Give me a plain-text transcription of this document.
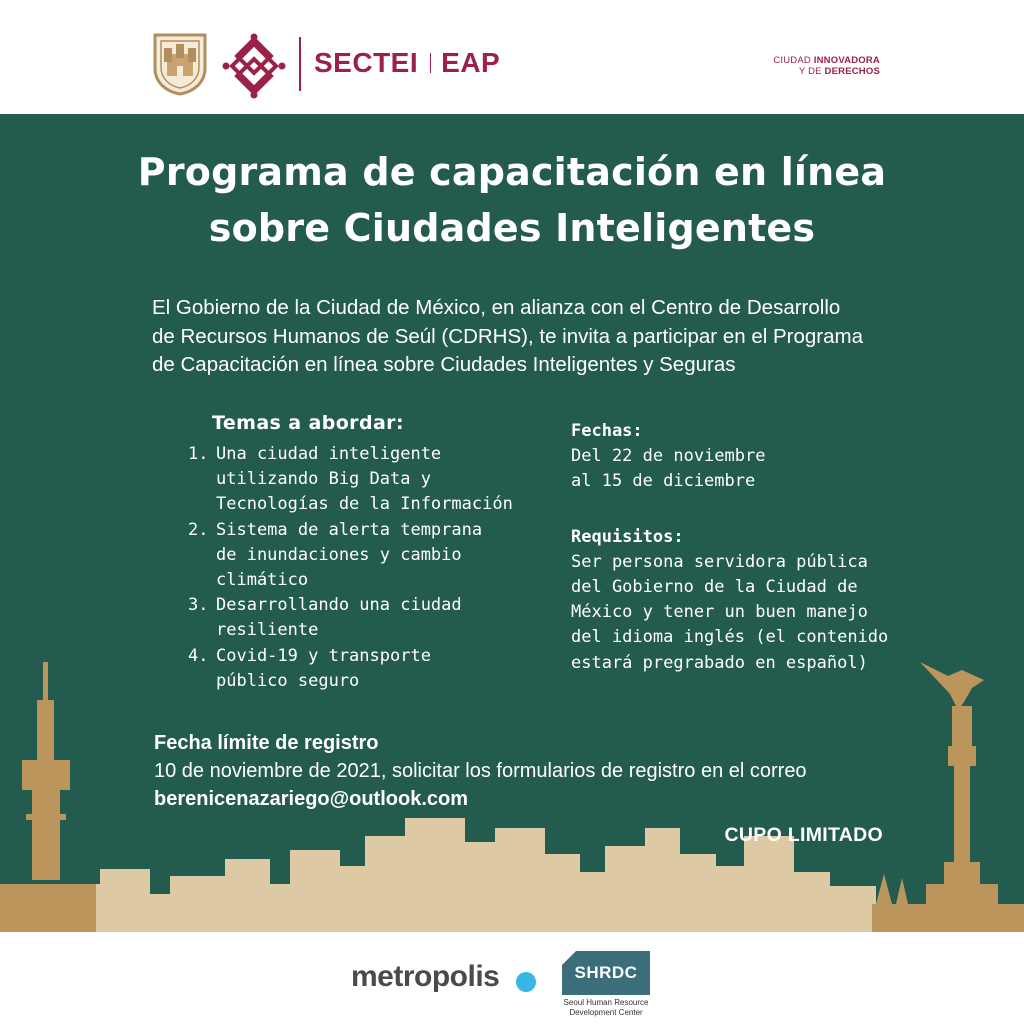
SECTEI EAP	CIUDAD INNOVADORA
Y DE DERECHOS
Programa de capacitación en línea
sobre Ciudades Inteligentes
El Gobierno de la Ciudad de México, en alianza con el Centro de Desarrollo
de Recursos Humanos de Seúl (CDRHS), te invita a participar en el Programa
de Capacitación en línea sobre Ciudades Inteligentes y Seguras
Temas a abordar:
1. Una ciudad inteligente
utilizando Big Data y
Tecnologías de la Información
2. Sistema de alerta temprana
de inundaciones y cambio
climático
3. Desarrollando una ciudad
resiliente
4. Covid-19 y transporte
público seguro
Fechas:
Del 22 de noviembre
al 15 de diciembre
Requisitos:
Ser persona servidora pública
del Gobierno de la Ciudad de
México y tener un buen manejo
del idioma inglés (el contenido
estará pregrabado en español)
Fecha límite de registro
10 de noviembre de 2021, solicitar los formularios de registro en el correo
berenicenazariego@outlook.com
CUPO LIMITADO
metropolis	SHRDC
Seoul Human Resource
Development Center
